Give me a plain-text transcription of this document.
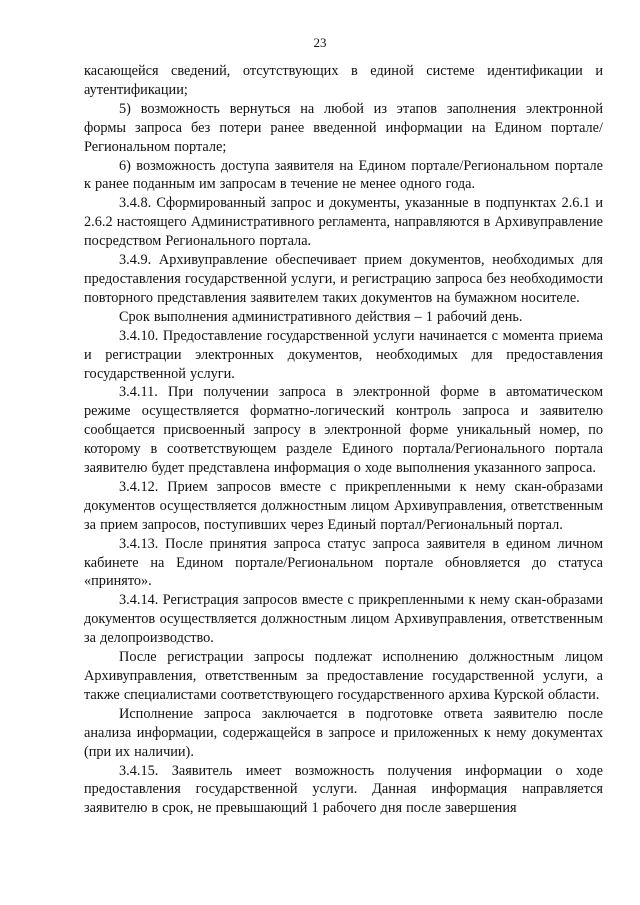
23

касающейся сведений, отсутствующих в единой системе идентификации и аутентификации;

5) возможность вернуться на любой из этапов заполнения электронной формы запроса без потери ранее введенной информации на Едином портале/Региональном портале;

6) возможность доступа заявителя на Едином портале/Региональном портале к ранее поданным им запросам в течение не менее одного года.

3.4.8. Сформированный запрос и документы, указанные в подпунктах 2.6.1 и 2.6.2 настоящего Административного регламента, направляются в Архивуправление посредством Регионального портала.

3.4.9. Архивуправление обеспечивает прием документов, необходимых для предоставления государственной услуги, и регистрацию запроса без необходимости повторного представления заявителем таких документов на бумажном носителе.

Срок выполнения административного действия – 1 рабочий день.

3.4.10. Предоставление государственной услуги начинается с момента приема и регистрации электронных документов, необходимых для предоставления государственной услуги.

3.4.11. При получении запроса в электронной форме в автоматическом режиме осуществляется форматно-логический контроль запроса и заявителю сообщается присвоенный запросу в электронной форме уникальный номер, по которому в соответствующем разделе Единого портала/Регионального портала заявителю будет представлена информация о ходе выполнения указанного запроса.

3.4.12. Прием запросов вместе с прикрепленными к нему скан-образами документов осуществляется должностным лицом Архивуправления, ответственным за прием запросов, поступивших через Единый портал/Региональный портал.

3.4.13. После принятия запроса статус запроса заявителя в едином личном кабинете на Едином портале/Региональном портале обновляется до статуса «принято».

3.4.14. Регистрация запросов вместе с прикрепленными к нему скан-образами документов осуществляется должностным лицом Архивуправления, ответственным за делопроизводство.

После регистрации запросы подлежат исполнению должностным лицом Архивуправления, ответственным за предоставление государственной услуги, а также специалистами соответствующего государственного архива Курской области.

Исполнение запроса заключается в подготовке ответа заявителю после анализа информации, содержащейся в запросе и приложенных к нему документах (при их наличии).

3.4.15. Заявитель имеет возможность получения информации о ходе предоставления государственной услуги. Данная информация направляется заявителю в срок, не превышающий 1 рабочего дня после завершения
